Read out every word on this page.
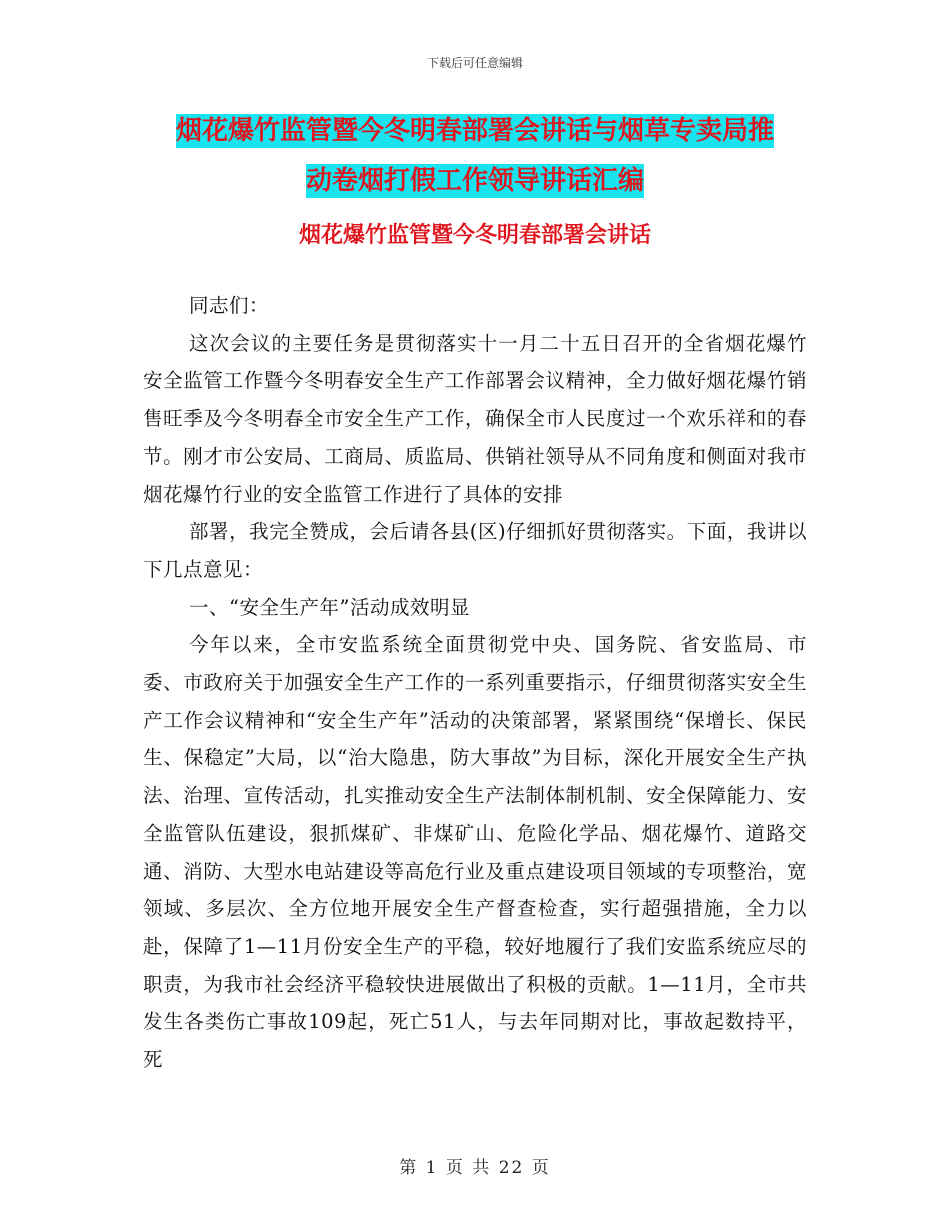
下载后可任意编辑
烟花爆竹监管暨今冬明春部署会讲话与烟草专卖局推
动卷烟打假工作领导讲话汇编
烟花爆竹监管暨今冬明春部署会讲话

同志们：

这次会议的主要任务是贯彻落实十一月二十五日召开的全省烟花爆竹安全监管工作暨今冬明春安全生产工作部署会议精神，全力做好烟花爆竹销售旺季及今冬明春全市安全生产工作，确保全市人民度过一个欢乐祥和的春节。刚才市公安局、工商局、质监局、供销社领导从不同角度和侧面对我市烟花爆竹行业的安全监管工作进行了具体的安排

部署，我完全赞成，会后请各县(区)仔细抓好贯彻落实。下面，我讲以下几点意见：

一、“安全生产年”活动成效明显

今年以来，全市安监系统全面贯彻党中央、国务院、省安监局、市委、市政府关于加强安全生产工作的一系列重要指示，仔细贯彻落实安全生产工作会议精神和“安全生产年”活动的决策部署，紧紧围绕“保增长、保民生、保稳定”大局，以“治大隐患，防大事故”为目标，深化开展安全生产执法、治理、宣传活动，扎实推动安全生产法制体制机制、安全保障能力、安全监管队伍建设，狠抓煤矿、非煤矿山、危险化学品、烟花爆竹、道路交通、消防、大型水电站建设等高危行业及重点建设项目领域的专项整治，宽领域、多层次、全方位地开展安全生产督查检查，实行超强措施，全力以赴，保障了1—11月份安全生产的平稳，较好地履行了我们安监系统应尽的职责，为我市社会经济平稳较快进展做出了积极的贡献。1—11月，全市共发生各类伤亡事故109起，死亡51人，与去年同期对比，事故起数持平，死

第 1 页 共 22 页
